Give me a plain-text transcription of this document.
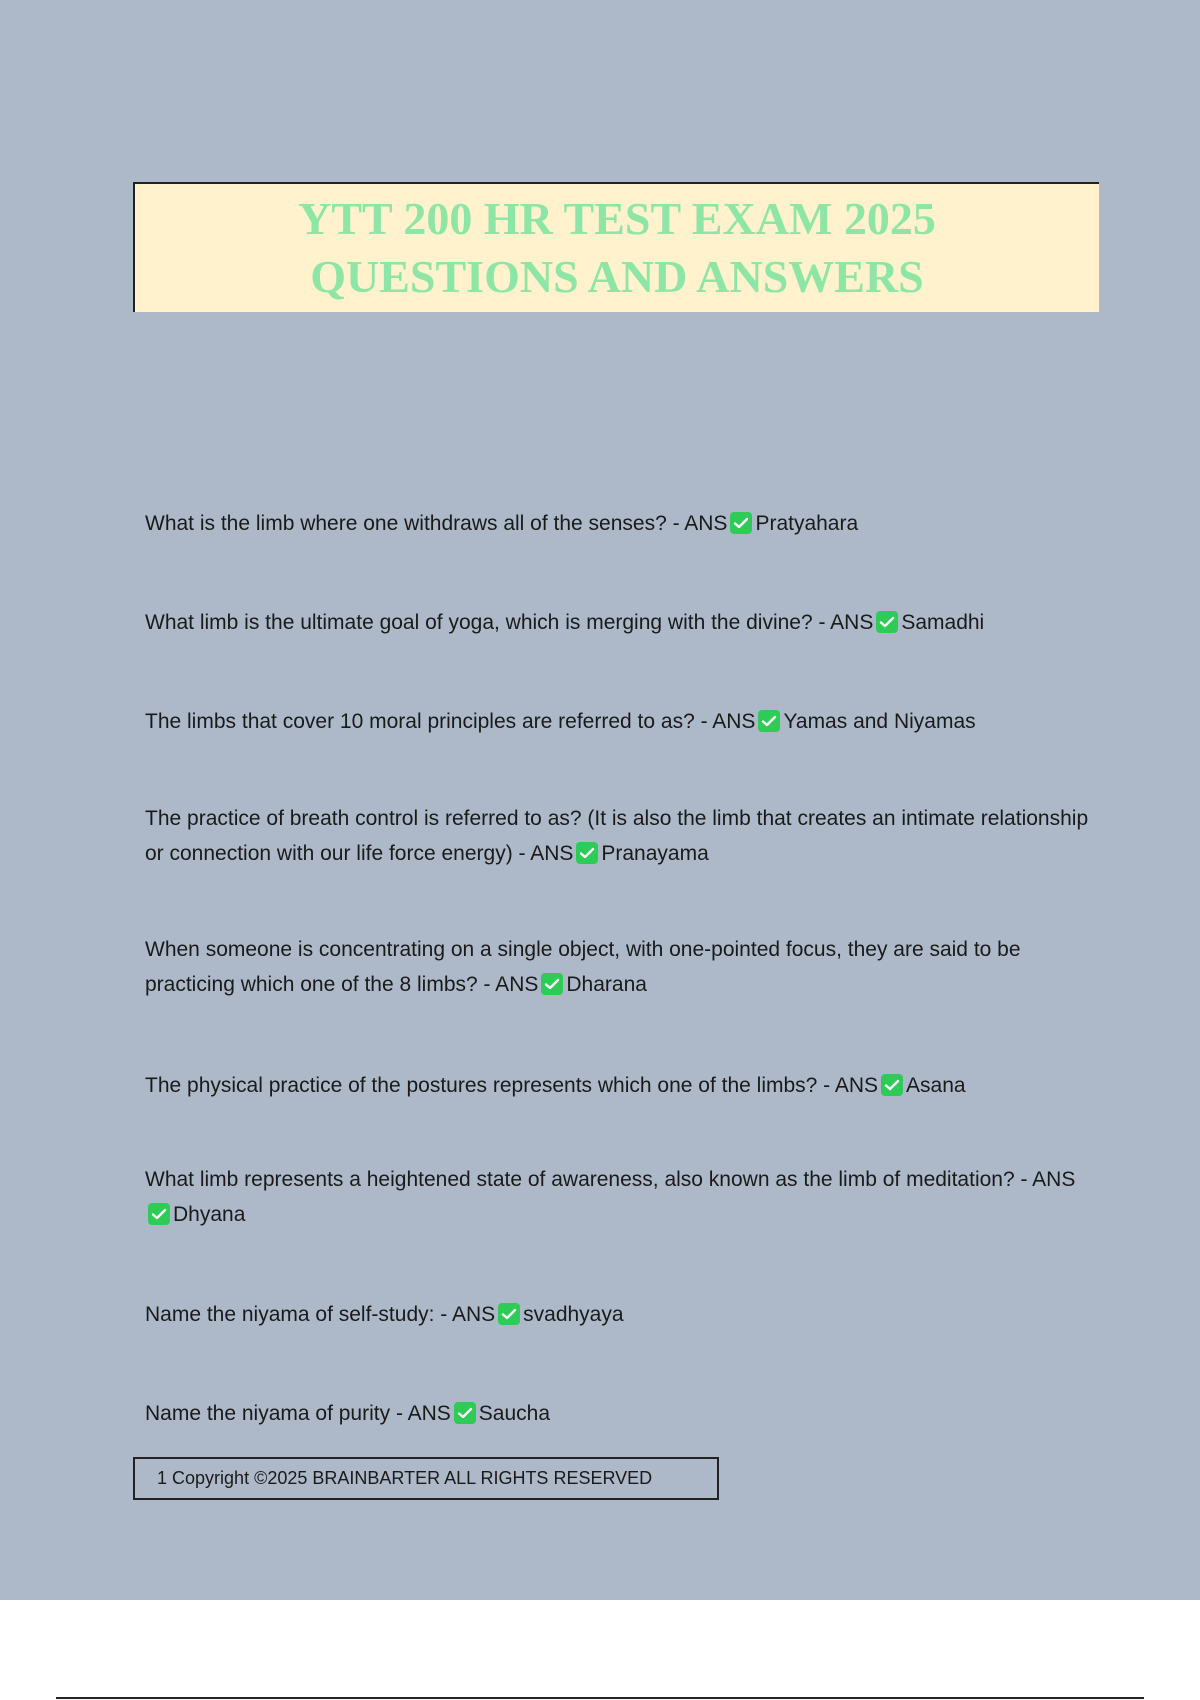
YTT 200 HR TEST EXAM 2025
QUESTIONS AND ANSWERS
What is the limb where one withdraws all of the senses? - ANS Pratyahara
What limb is the ultimate goal of yoga, which is merging with the divine? - ANS Samadhi
The limbs that cover 10 moral principles are referred to as? - ANS Yamas and Niyamas
The practice of breath control is referred to as? (It is also the limb that creates an intimate relationship or connection with our life force energy) - ANS Pranayama
When someone is concentrating on a single object, with one-pointed focus, they are said to be practicing which one of the 8 limbs? - ANS Dharana
The physical practice of the postures represents which one of the limbs? - ANS Asana
What limb represents a heightened state of awareness, also known as the limb of meditation? - ANS
Dhyana
Name the niyama of self-study: - ANS svadhyaya
Name the niyama of purity - ANS Saucha
1 Copyright ©2025 BRAINBARTER ALL RIGHTS RESERVED
